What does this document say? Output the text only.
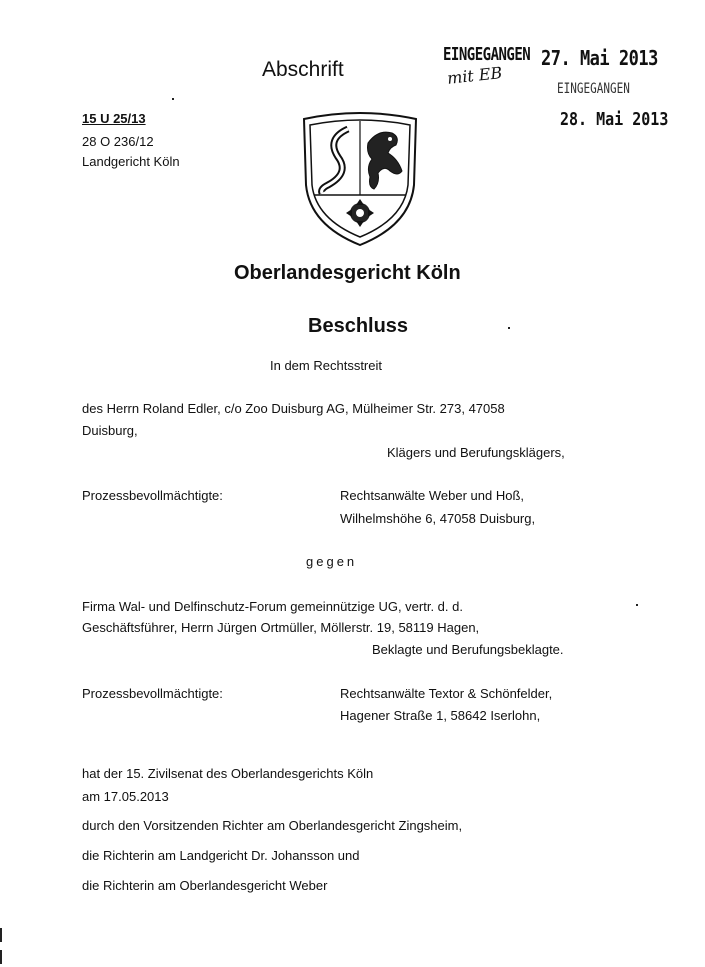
Abschrift
EINGEGANGEN 27. Mai 2013
mit EB
EINGEGANGEN
28. Mai 2013
15 U 25/13
28 O 236/12
Landgericht Köln
Oberlandesgericht Köln
Beschluss
In dem Rechtsstreit
des Herrn Roland Edler, c/o Zoo Duisburg AG, Mülheimer Str. 273, 47058
Duisburg,
Klägers und Berufungsklägers,
Prozessbevollmächtigte:	Rechtsanwälte Weber und Hoß,
Wilhelmshöhe 6, 47058 Duisburg,
gegen
Firma Wal- und Delfinschutz-Forum gemeinnützige UG, vertr. d. d.
Geschäftsführer, Herrn Jürgen Ortmüller, Möllerstr. 19, 58119 Hagen,
Beklagte und Berufungsbeklagte.
Prozessbevollmächtigte:	Rechtsanwälte Textor & Schönfelder,
Hagener Straße 1, 58642 Iserlohn,
hat der 15. Zivilsenat des Oberlandesgerichts Köln
am 17.05.2013
durch den Vorsitzenden Richter am Oberlandesgericht Zingsheim,
die Richterin am Landgericht Dr. Johansson und
die Richterin am Oberlandesgericht Weber
